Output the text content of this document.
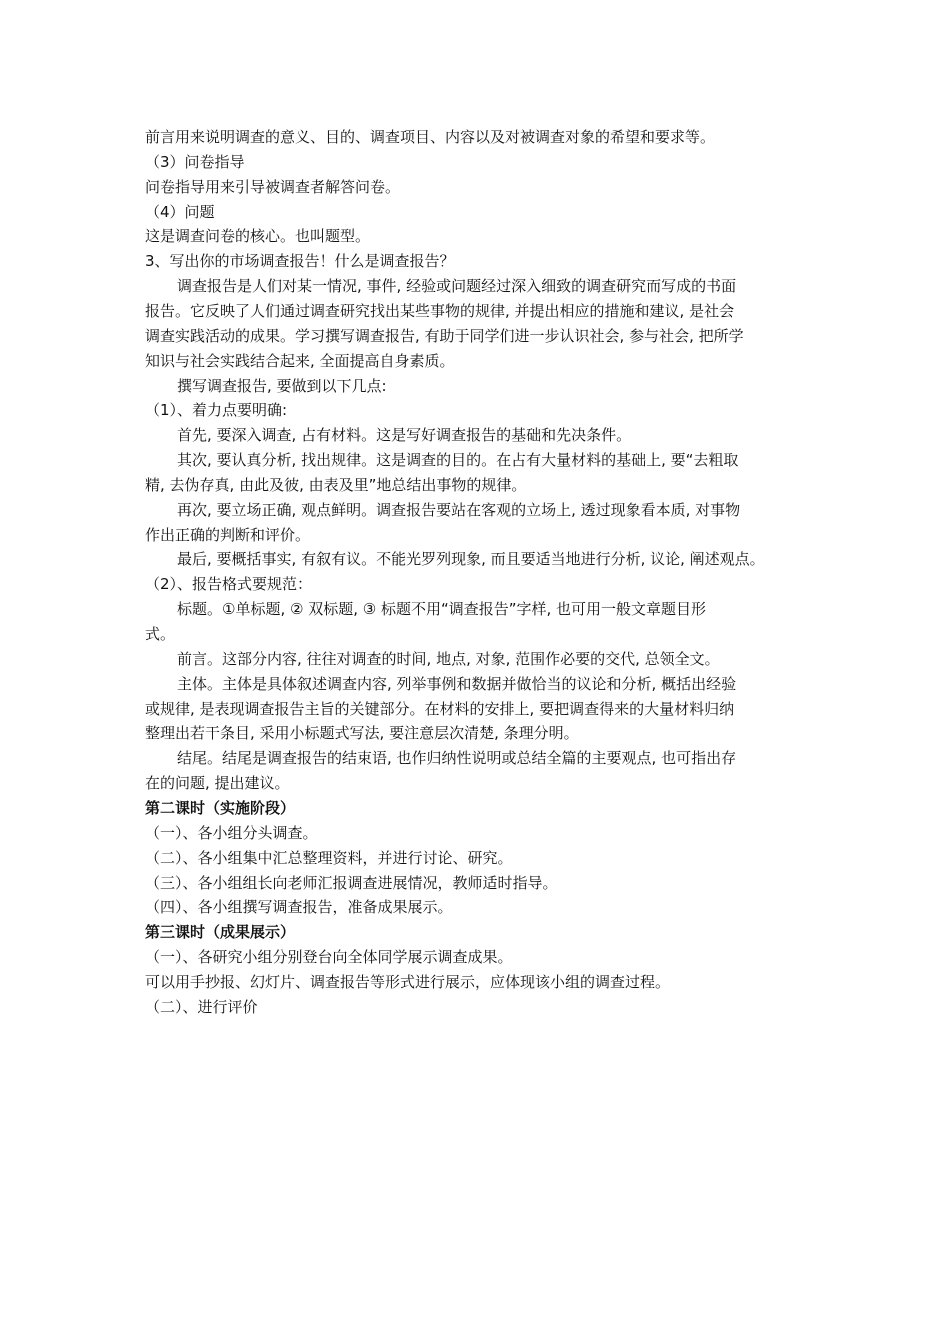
前言用来说明调查的意义、目的、调查项目、内容以及对被调查对象的希望和要求等。
（3）问卷指导
问卷指导用来引导被调查者解答问卷。
（4）问题
这是调查问卷的核心。也叫题型。
3、写出你的市场调查报告！什么是调查报告？
调查报告是人们对某一情况, 事件, 经验或问题经过深入细致的调查研究而写成的书面
报告。它反映了人们通过调查研究找出某些事物的规律, 并提出相应的措施和建议, 是社会
调查实践活动的成果。学习撰写调查报告, 有助于同学们进一步认识社会, 参与社会, 把所学
知识与社会实践结合起来, 全面提高自身素质。
撰写调查报告, 要做到以下几点:
（1）、着力点要明确:
首先, 要深入调查, 占有材料。这是写好调查报告的基础和先决条件。
其次, 要认真分析, 找出规律。这是调查的目的。在占有大量材料的基础上, 要“去粗取
精, 去伪存真, 由此及彼, 由表及里”地总结出事物的规律。
再次, 要立场正确, 观点鲜明。调查报告要站在客观的立场上, 透过现象看本质, 对事物
作出正确的判断和评价。
最后, 要概括事实, 有叙有议。不能光罗列现象, 而且要适当地进行分析, 议论, 阐述观点。
（2）、报告格式要规范：
标题。①单标题, ② 双标题, ③ 标题不用“调查报告”字样, 也可用一般文章题目形
式。
前言。这部分内容, 往往对调查的时间, 地点, 对象, 范围作必要的交代, 总领全文。
主体。主体是具体叙述调查内容, 列举事例和数据并做恰当的议论和分析, 概括出经验
或规律, 是表现调查报告主旨的关键部分。在材料的安排上, 要把调查得来的大量材料归纳
整理出若干条目, 采用小标题式写法, 要注意层次清楚, 条理分明。
结尾。结尾是调查报告的结束语, 也作归纳性说明或总结全篇的主要观点, 也可指出存
在的问题, 提出建议。
第二课时（实施阶段）
（一）、各小组分头调查。
（二）、各小组集中汇总整理资料，并进行讨论、研究。
（三）、各小组组长向老师汇报调查进展情况，教师适时指导。
（四）、各小组撰写调查报告，准备成果展示。
第三课时（成果展示）
（一）、各研究小组分别登台向全体同学展示调查成果。
可以用手抄报、幻灯片、调查报告等形式进行展示，应体现该小组的调查过程。
（二）、进行评价
